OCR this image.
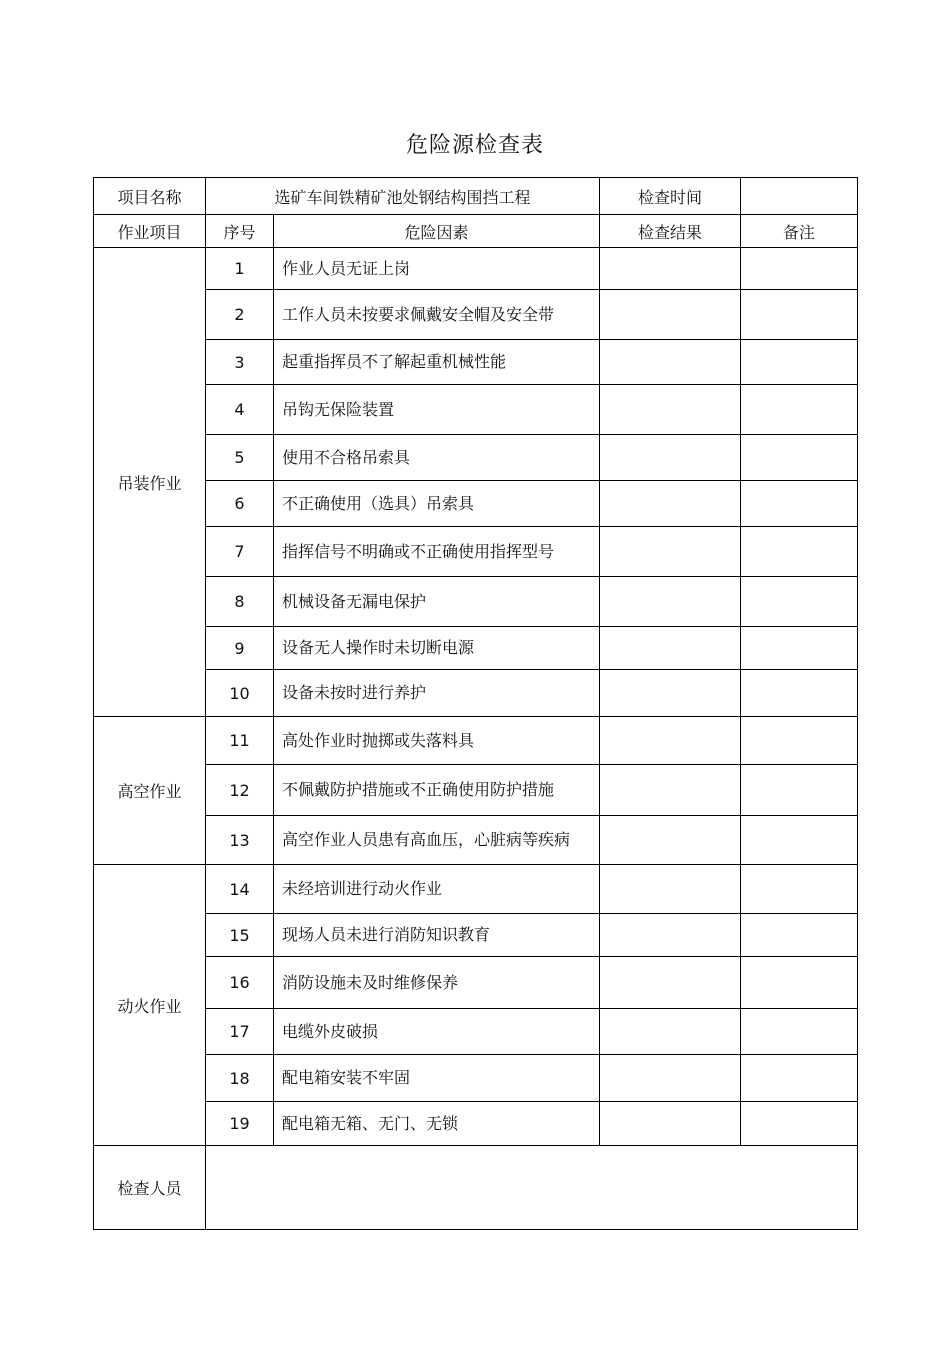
危险源检查表
项目名称	选矿车间铁精矿池处钢结构围挡工程		检查时间	
作业项目	序号	危险因素	检查结果	备注
吊装作业	1	作业人员无证上岗		
	2	工作人员未按要求佩戴安全帽及安全带		
	3	起重指挥员不了解起重机械性能		
	4	吊钩无保险装置		
	5	使用不合格吊索具		
	6	不正确使用（选具）吊索具		
	7	指挥信号不明确或不正确使用指挥型号		
	8	机械设备无漏电保护		
	9	设备无人操作时未切断电源		
	10	设备未按时进行养护		
高空作业	11	高处作业时抛掷或失落料具		
	12	不佩戴防护措施或不正确使用防护措施		
	13	高空作业人员患有高血压，心脏病等疾病		
动火作业	14	未经培训进行动火作业		
	15	现场人员未进行消防知识教育		
	16	消防设施未及时维修保养		
	17	电缆外皮破损		
	18	配电箱安装不牢固		
	19	配电箱无箱、无门、无锁		
检查人员				
